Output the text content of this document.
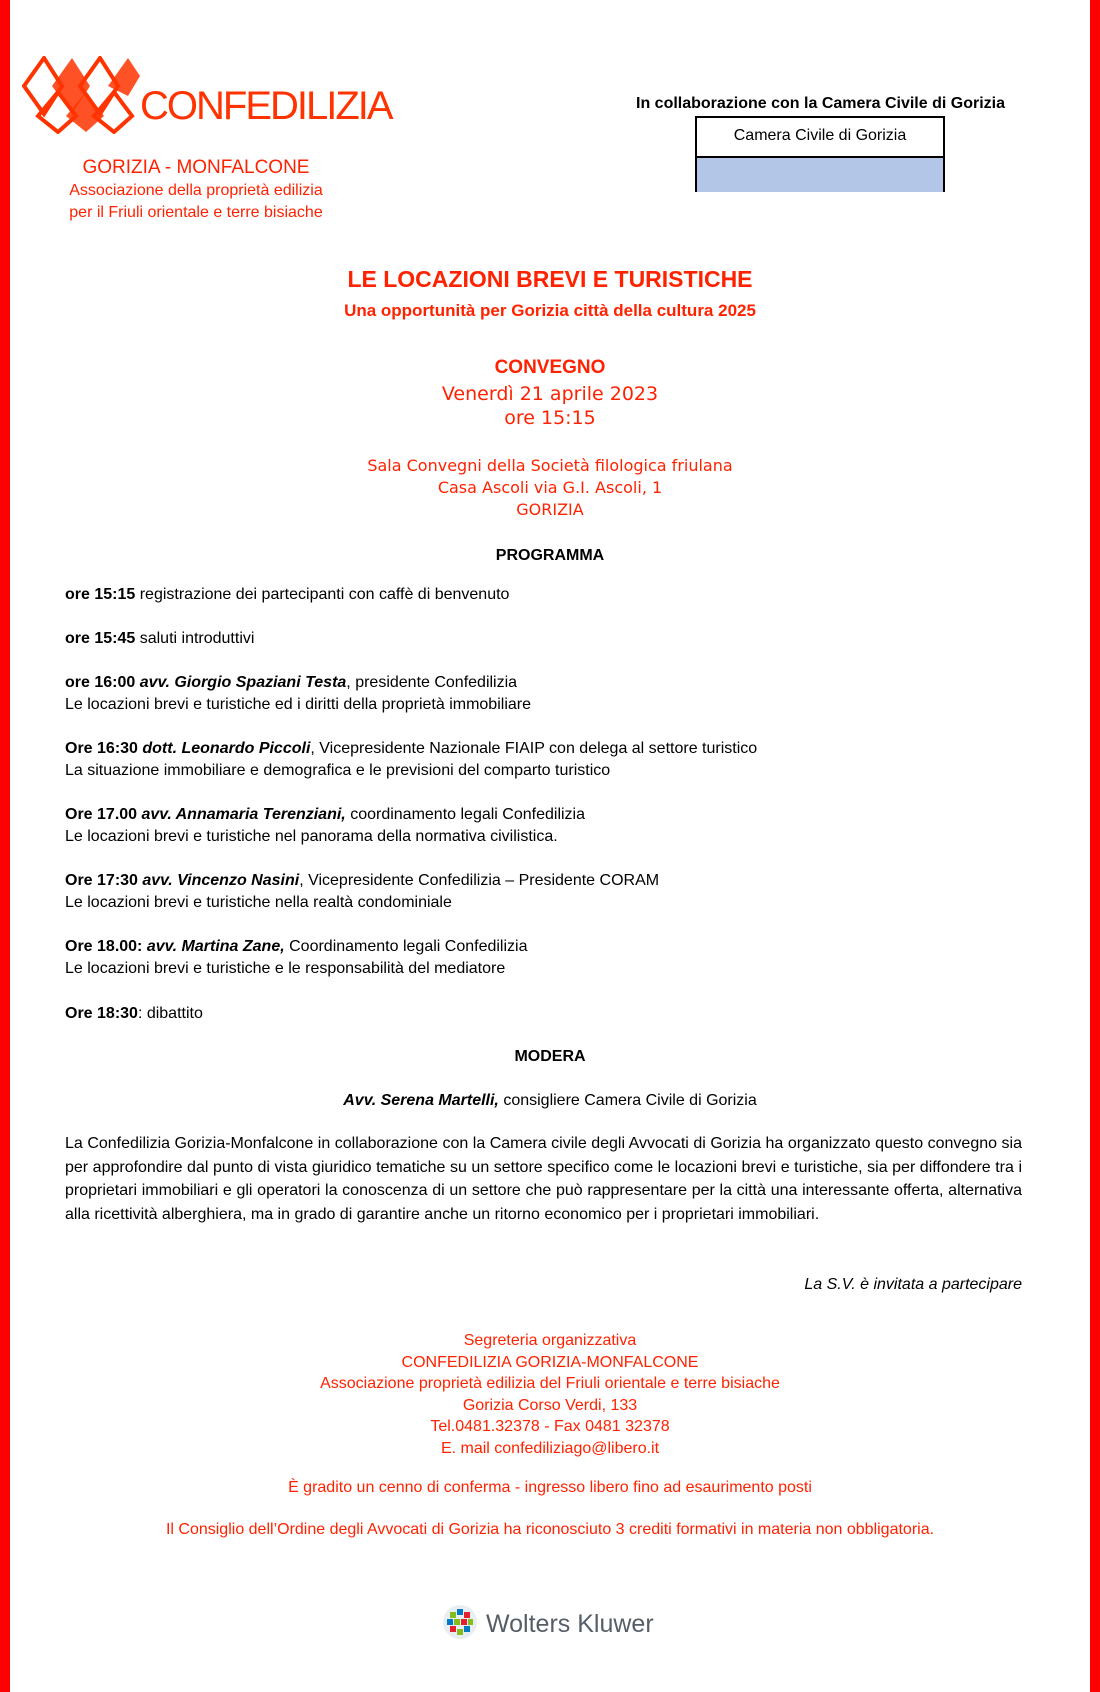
CONFEDILIZIA
GORIZIA - MONFALCONE
Associazione della proprietà edilizia
per il Friuli orientale e terre bisiache
In collaborazione con la Camera Civile di Gorizia
Camera Civile di Gorizia
LE LOCAZIONI BREVI E TURISTICHE
Una opportunità per Gorizia città della cultura 2025
CONVEGNO
Venerdì 21 aprile 2023
ore 15:15
Sala Convegni della Società filologica friulana
Casa Ascoli via G.I. Ascoli, 1
GORIZIA
PROGRAMMA
ore 15:15 registrazione dei partecipanti con caffè di benvenuto
ore 15:45 saluti introduttivi
ore 16:00 avv. Giorgio Spaziani Testa, presidente Confedilizia
Le locazioni brevi e turistiche ed i diritti della proprietà immobiliare
Ore 16:30 dott. Leonardo Piccoli, Vicepresidente Nazionale FIAIP con delega al settore turistico
La situazione immobiliare e demografica e le previsioni del comparto turistico
Ore 17.00 avv. Annamaria Terenziani, coordinamento legali Confedilizia
Le locazioni brevi e turistiche nel panorama della normativa civilistica.
Ore 17:30 avv. Vincenzo Nasini, Vicepresidente Confedilizia – Presidente CORAM
Le locazioni brevi e turistiche nella realtà condominiale
Ore 18.00: avv. Martina Zane, Coordinamento legali Confedilizia
Le locazioni brevi e turistiche e le responsabilità del mediatore
Ore 18:30: dibattito
MODERA
Avv. Serena Martelli, consigliere Camera Civile di Gorizia
La Confedilizia Gorizia-Monfalcone in collaborazione con la Camera civile degli Avvocati di Gorizia ha organizzato questo convegno sia per approfondire dal punto di vista giuridico tematiche su un settore specifico come le locazioni brevi e turistiche, sia per diffondere tra i proprietari immobiliari e gli operatori la conoscenza di un settore che può rappresentare per la città una interessante offerta, alternativa alla ricettività alberghiera, ma in grado di garantire anche un ritorno economico per i proprietari immobiliari.
La S.V. è invitata a partecipare
Segreteria organizzativa
CONFEDILIZIA GORIZIA-MONFALCONE
Associazione proprietà edilizia del Friuli orientale e terre bisiache
Gorizia Corso Verdi, 133
Tel.0481.32378 - Fax 0481 32378
E. mail confediliziago@libero.it
È gradito un cenno di conferma - ingresso libero fino ad esaurimento posti
Il Consiglio dell’Ordine degli Avvocati di Gorizia ha riconosciuto 3 crediti formativi in materia non obbligatoria.
Wolters Kluwer
